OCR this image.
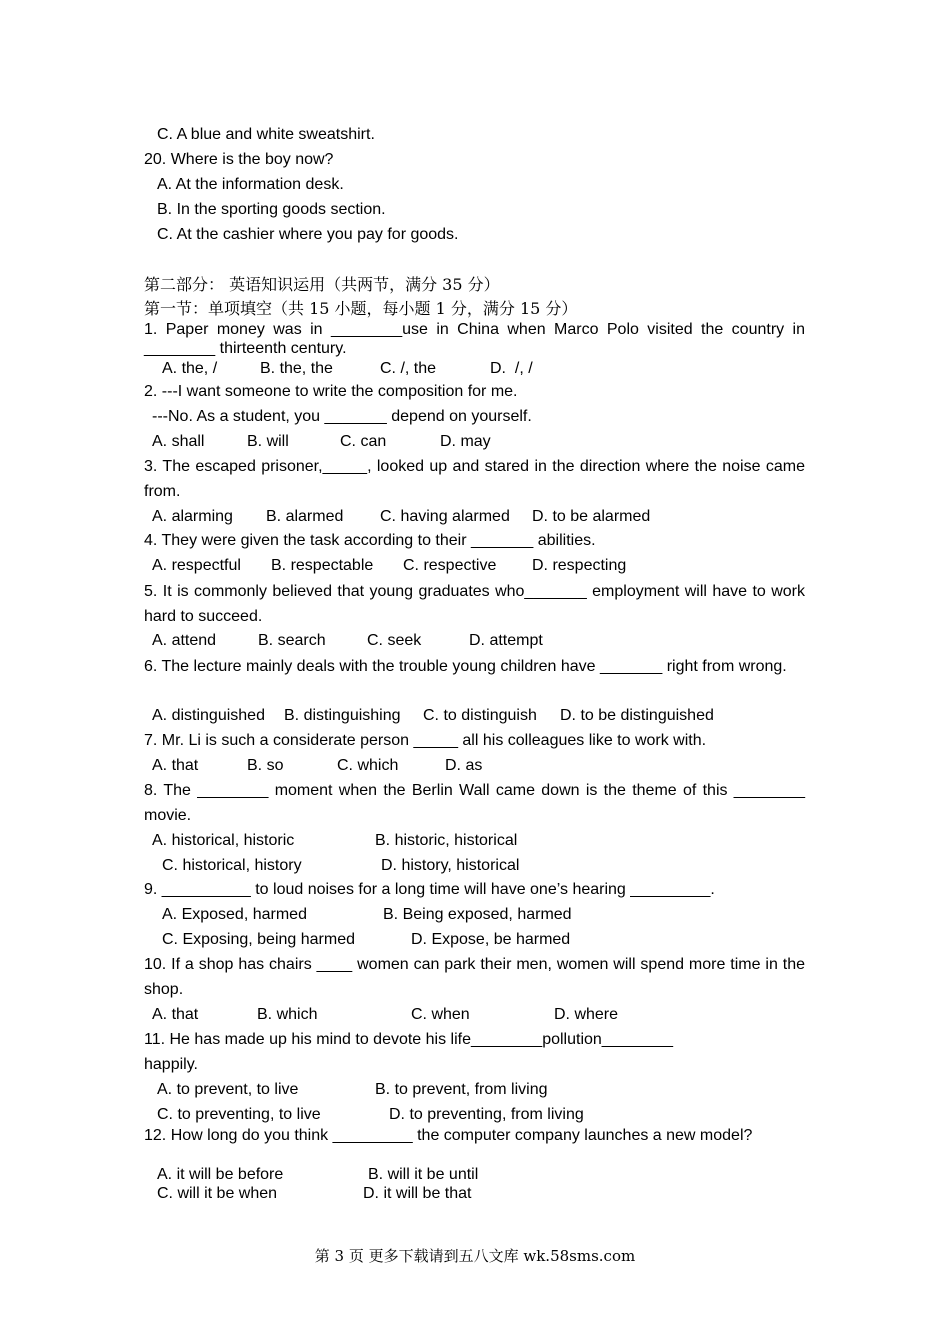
C. A blue and white sweatshirt.
20. Where is the boy now?
A. At the information desk.
B. In the sporting goods section.
C. At the cashier where you pay for goods.
第二部分： 英语知识运用（共两节，满分 35 分）
第一节：单项填空（共 15 小题，每小题 1 分，满分 15 分）
1. Paper money was in ________use in China when Marco Polo visited the country in ________ thirteenth century.
A. the, /	B. the, the	C. /, the	D.  /, /
2. ---I want someone to write the composition for me.
---No. As a student, you _______ depend on yourself.
A. shall	B. will	C. can	D. may
3. The escaped prisoner,_____, looked up and stared in the direction where the noise came from.
A. alarming B. alarmed C. having alarmed D. to be alarmed
4. They were given the task according to their _______ abilities.
A. respectful B. respectable C. respective D. respecting
5. It is commonly believed that young graduates who_______ employment will have to work hard to succeed.
A. attend	B. search	C. seek	D. attempt
6. The lecture mainly deals with the trouble young children have _______ right from wrong.
A. distinguished B. distinguishing C. to distinguish D. to be distinguished
7. Mr. Li is such a considerate person _____ all his colleagues like to work with.
A. that	B. so	C. which	D. as
8. The ________ moment when the Berlin Wall came down is the theme of this ________ movie.
A. historical, historic	B. historic, historical
C. historical, history	D. history, historical
9. __________ to loud noises for a long time will have one’s hearing _________.
A. Exposed, harmed	B. Being exposed, harmed
C. Exposing, being harmed	D. Expose, be harmed
10. If a shop has chairs ____ women can park their men, women will spend more time in the shop.
A. that	B. which	C. when	D. where
11. He has made up his mind to devote his life________pollution________
happily.
A. to prevent, to live	B. to prevent, from living
C. to preventing, to live	D. to preventing, from living
12. How long do you think _________ the computer company launches a new model?
A. it will be before	B. will it be until
C. will it be when	D. it will be that
第 3 页 更多下载请到五八文库 wk.58sms.com
